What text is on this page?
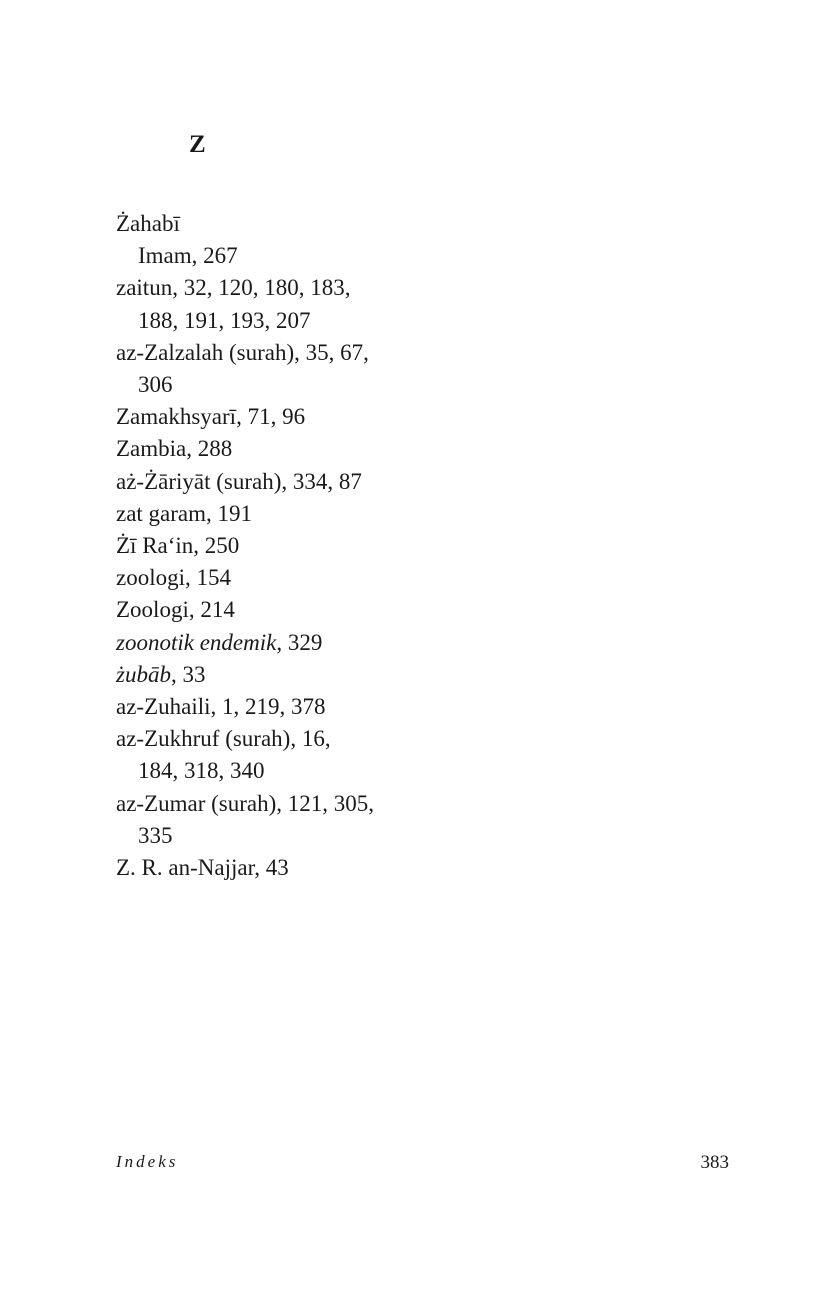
Z
Żahabī
Imam, 267
zaitun, 32, 120, 180, 183,
188, 191, 193, 207
az-Zalzalah (surah), 35, 67,
306
Zamakhsyarī, 71, 96
Zambia, 288
aż-Żāriyāt (surah), 334, 87
zat garam, 191
Żī Ra‘in, 250
zoologi, 154
Zoologi, 214
zoonotik endemik, 329
żubāb, 33
az-Zuhaili, 1, 219, 378
az-Zukhruf (surah), 16,
184, 318, 340
az-Zumar (surah), 121, 305,
335
Z. R. an-Najjar, 43
Indeks	383
